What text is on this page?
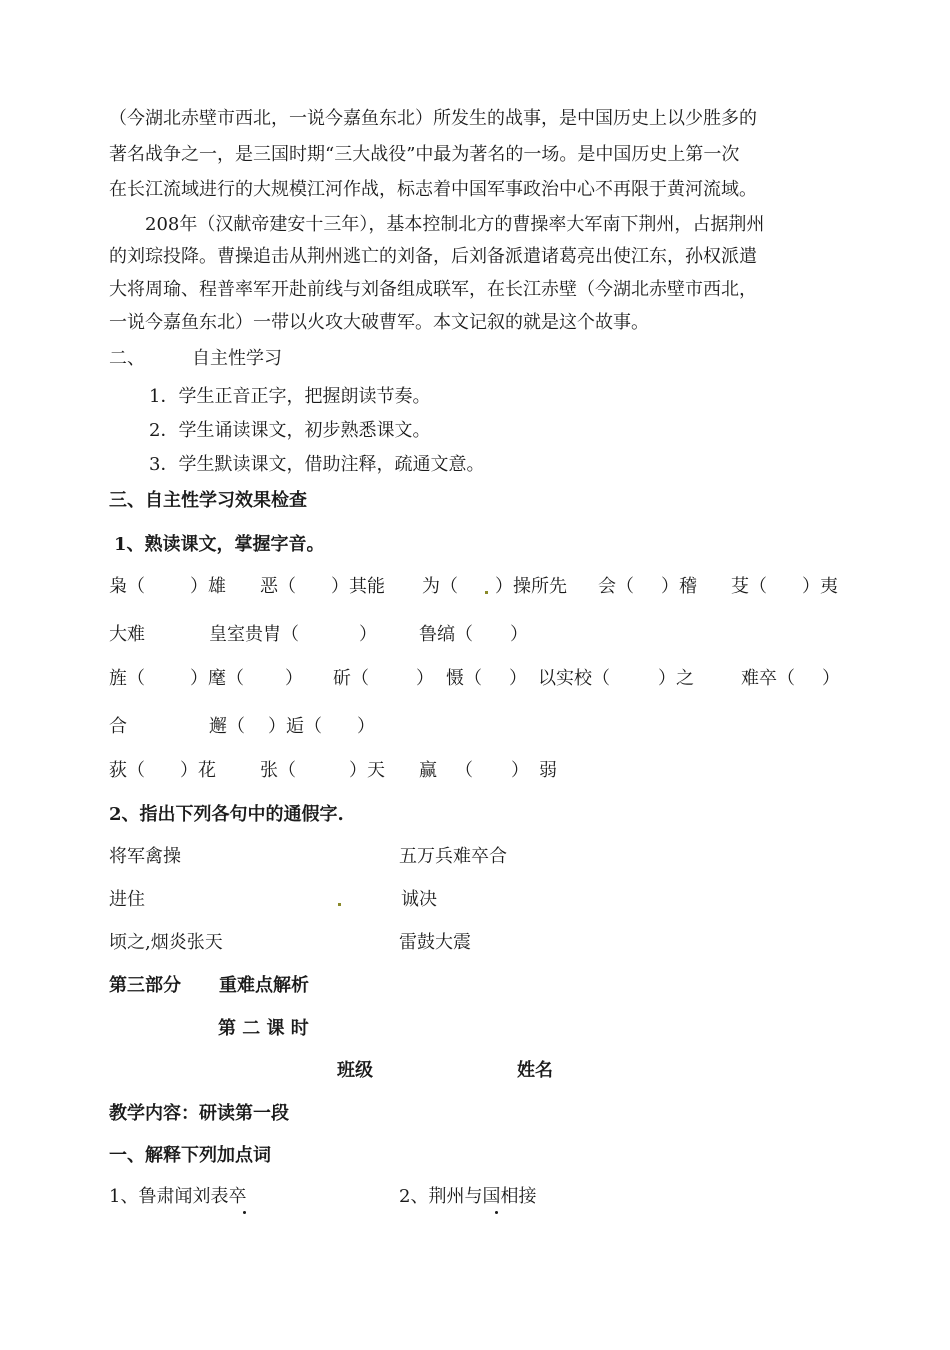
（今湖北赤壁市西北，一说今嘉鱼东北）所发生的战事，是中国历史上以少胜多的
著名战争之一，是三国时期“三大战役”中最为著名的一场。是中国历史上第一次
在长江流域进行的大规模江河作战，标志着中国军事政治中心不再限于黄河流域。
　　208年（汉献帝建安十三年），基本控制北方的曹操率大军南下荆州，占据荆州
的刘琮投降。曹操追击从荆州逃亡的刘备，后刘备派遣诸葛亮出使江东，孙权派遣
大将周瑜、程普率军开赴前线与刘备组成联军，在长江赤壁（今湖北赤壁市西北，
一说今嘉鱼东北）一带以火攻大破曹军。本文记叙的就是这个故事。
二、	自主性学习
1．学生正音正字，把握朗读节奏。
2．学生诵读课文，初步熟悉课文。
3．学生默读课文，借助注释，疏通文意。
三、自主性学习效果检查
1、熟读课文，掌握字音。
枭（	）雄 恶（ ）其能 为（ ）操所先 会（ ）稽 芟（ ）夷
大难	皇室贵胄（	） 鲁缟（ ）
旌（	）麾（ ） 斫（	） 慑（ ） 以实校（	）之	难卒（ ）
合	邂（ ）逅（ ）
荻（ ）花 张（	）天 赢 （ ） 弱
2、指出下列各句中的通假字.
将军禽操	五万兵难卒合
进住	诚决
顷之,烟炎张天	雷鼓大震
第三部分 重难点解析
第 二 课 时
班级	姓名
教学内容：研读第一段
一、解释下列加点词
1、鲁肃闻刘表卒	2、荆州与国相接
